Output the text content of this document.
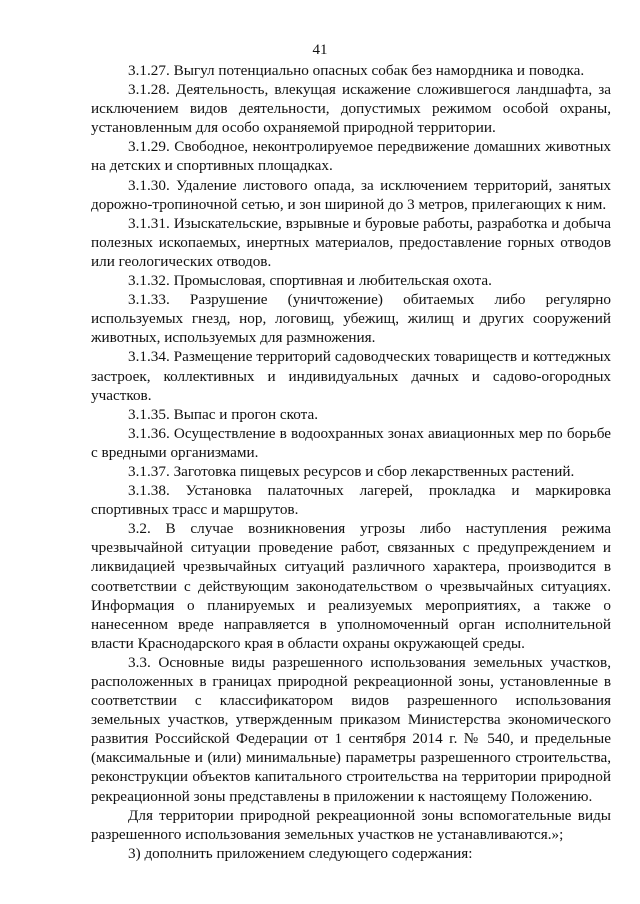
41

3.1.27. Выгул потенциально опасных собак без намордника и поводка.

3.1.28. Деятельность, влекущая искажение сложившегося ландшафта, за исключением видов деятельности, допустимых режимом особой охраны, установленным для особо охраняемой природной территории.

3.1.29. Свободное, неконтролируемое передвижение домашних животных на детских и спортивных площадках.

3.1.30. Удаление листового опада, за исключением территорий, занятых дорожно-тропиночной сетью, и зон шириной до 3 метров, прилегающих к ним.

3.1.31. Изыскательские, взрывные и буровые работы, разработка и добыча полезных ископаемых, инертных материалов, предоставление горных отводов или геологических отводов.

3.1.32. Промысловая, спортивная и любительская охота.

3.1.33. Разрушение (уничтожение) обитаемых либо регулярно используемых гнезд, нор, логовищ, убежищ, жилищ и других сооружений животных, используемых для размножения.

3.1.34. Размещение территорий садоводческих товариществ и коттеджных застроек, коллективных и индивидуальных дачных и садово-огородных участков.

3.1.35. Выпас и прогон скота.

3.1.36. Осуществление в водоохранных зонах авиационных мер по борьбе с вредными организмами.

3.1.37. Заготовка пищевых ресурсов и сбор лекарственных растений.

3.1.38. Установка палаточных лагерей, прокладка и маркировка спортивных трасс и маршрутов.

3.2. В случае возникновения угрозы либо наступления режима чрезвычайной ситуации проведение работ, связанных с предупреждением и ликвидацией чрезвычайных ситуаций различного характера, производится в соответствии с действующим законодательством о чрезвычайных ситуациях. Информация о планируемых и реализуемых мероприятиях, а также о нанесенном вреде направляется в уполномоченный орган исполнительной власти Краснодарского края в области охраны окружающей среды.

3.3. Основные виды разрешенного использования земельных участков, расположенных в границах природной рекреационной зоны, установленные в соответствии с классификатором видов разрешенного использования земельных участков, утвержденным приказом Министерства экономического развития Российской Федерации от 1 сентября 2014 г. № 540, и предельные (максимальные и (или) минимальные) параметры разрешенного строительства, реконструкции объектов капитального строительства на территории природной рекреационной зоны представлены в приложении к настоящему Положению.

Для территории природной рекреационной зоны вспомогательные виды разрешенного использования земельных участков не устанавливаются.»;

3) дополнить приложением следующего содержания:
